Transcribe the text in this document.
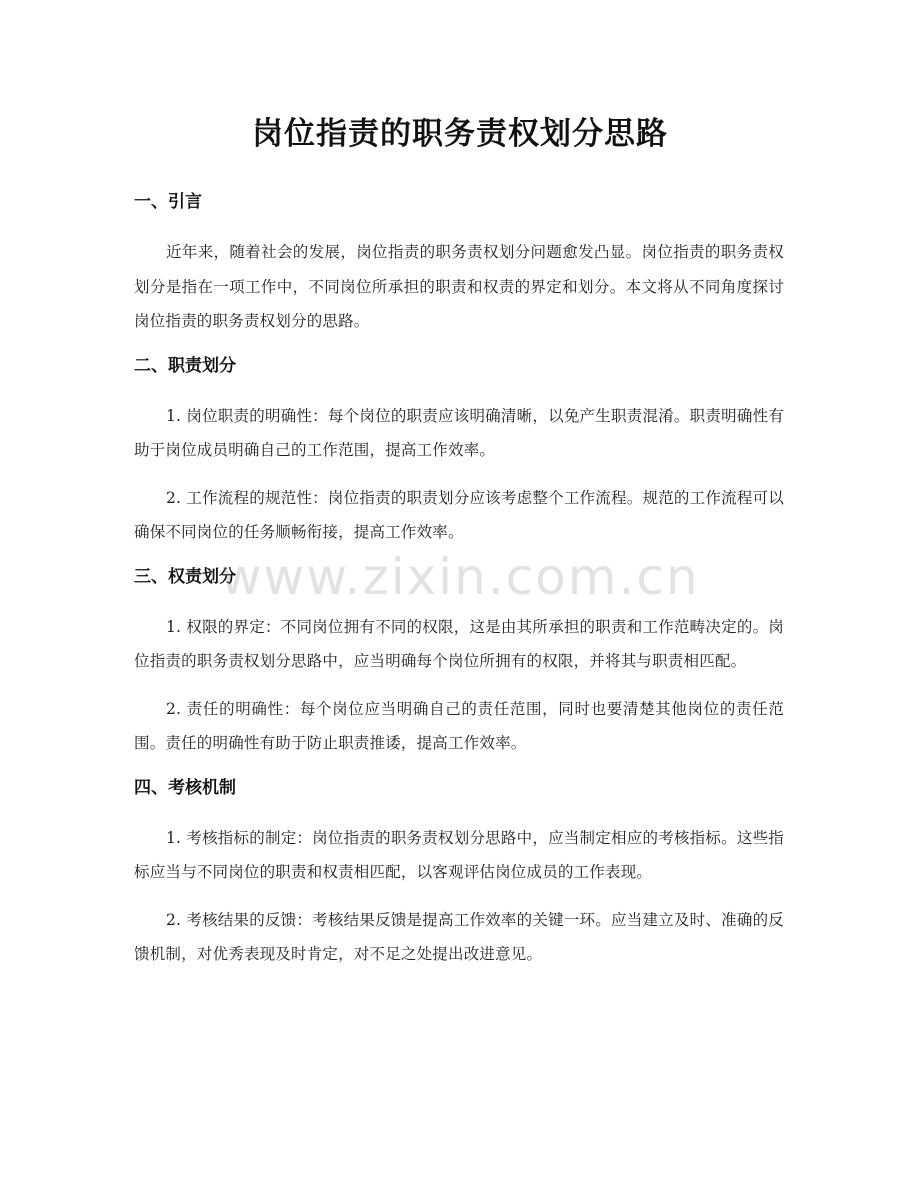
岗位指责的职务责权划分思路
一、引言

近年来，随着社会的发展，岗位指责的职务责权划分问题愈发凸显。岗位指责的职务责权划分是指在一项工作中，不同岗位所承担的职责和权责的界定和划分。本文将从不同角度探讨岗位指责的职务责权划分的思路。

二、职责划分

1. 岗位职责的明确性：每个岗位的职责应该明确清晰，以免产生职责混淆。职责明确性有助于岗位成员明确自己的工作范围，提高工作效率。

2. 工作流程的规范性：岗位指责的职责划分应该考虑整个工作流程。规范的工作流程可以确保不同岗位的任务顺畅衔接，提高工作效率。

三、权责划分

1. 权限的界定：不同岗位拥有不同的权限，这是由其所承担的职责和工作范畴决定的。岗位指责的职务责权划分思路中，应当明确每个岗位所拥有的权限，并将其与职责相匹配。

2. 责任的明确性：每个岗位应当明确自己的责任范围，同时也要清楚其他岗位的责任范围。责任的明确性有助于防止职责推诿，提高工作效率。

四、考核机制

1. 考核指标的制定：岗位指责的职务责权划分思路中，应当制定相应的考核指标。这些指标应当与不同岗位的职责和权责相匹配，以客观评估岗位成员的工作表现。

2. 考核结果的反馈：考核结果反馈是提高工作效率的关键一环。应当建立及时、准确的反馈机制，对优秀表现及时肯定，对不足之处提出改进意见。

www.zixin.com.cn
